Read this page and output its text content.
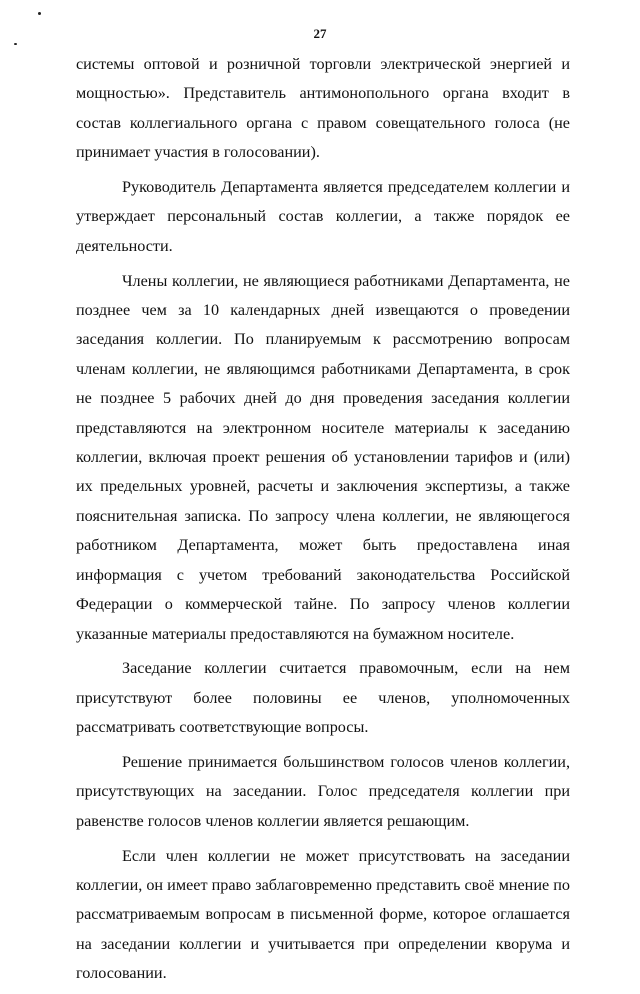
27

системы оптовой и розничной торговли электрической энергией и мощностью». Представитель антимонопольного органа входит в состав коллегиального органа с правом совещательного голоса (не принимает участия в голосовании).

Руководитель Департамента является председателем коллегии и утверждает персональный состав коллегии, а также порядок ее деятельности.

Члены коллегии, не являющиеся работниками Департамента, не позднее чем за 10 календарных дней извещаются о проведении заседания коллегии. По планируемым к рассмотрению вопросам членам коллегии, не являющимся работниками Департамента, в срок не позднее 5 рабочих дней до дня проведения заседания коллегии представляются на электронном носителе материалы к заседанию коллегии, включая проект решения об установлении тарифов и (или) их предельных уровней, расчеты и заключения экспертизы, а также пояснительная записка. По запросу члена коллегии, не являющегося работником Департамента, может быть предоставлена иная информация с учетом требований законодательства Российской Федерации о коммерческой тайне. По запросу членов коллегии указанные материалы предоставляются на бумажном носителе.

Заседание коллегии считается правомочным, если на нем присутствуют более половины ее членов, уполномоченных рассматривать соответствующие вопросы.

Решение принимается большинством голосов членов коллегии, присутствующих на заседании. Голос председателя коллегии при равенстве голосов членов коллегии является решающим.

Если член коллегии не может присутствовать на заседании коллегии, он имеет право заблаговременно представить своё мнение по рассматриваемым вопросам в письменной форме, которое оглашается на заседании коллегии и учитывается при определении кворума и голосовании.
